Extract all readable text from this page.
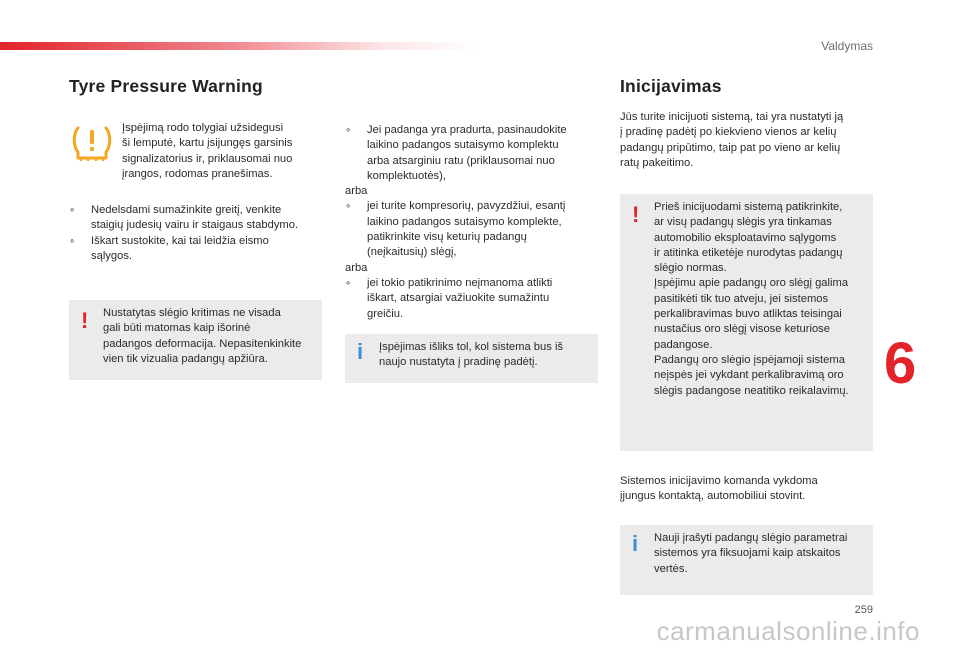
Valdymas
Tyre Pressure Warning
Įspėjimą rodo tolygiai užsidegusi
ši lemputė, kartu įsijungęs garsinis
signalizatorius ir, priklausomai nuo
įrangos, rodomas pranešimas.
∘ Nedelsdami sumažinkite greitį, venkite
staigių judesių vairu ir staigaus stabdymo.
∘ Iškart sustokite, kai tai leidžia eismo
sąlygos.
! Nustatytas slėgio kritimas ne visada
gali būti matomas kaip išorinė
padangos deformacija. Nepasitenkinkite
vien tik vizualia padangų apžiūra.
∘ Jei padanga yra pradurta, pasinaudokite
laikino padangos sutaisymo komplektu
arba atsarginiu ratu (priklausomai nuo
komplektuotės),
arba
∘ jei turite kompresorių, pavyzdžiui, esantį
laikino padangos sutaisymo komplekte,
patikrinkite visų keturių padangų
(neįkaitusių) slėgį,
arba
∘ jei tokio patikrinimo neįmanoma atlikti
iškart, atsargiai važiuokite sumažintu
greičiu.
i Įspėjimas išliks tol, kol sistema bus iš
naujo nustatyta į pradinę padėtį.
Inicijavimas
Jūs turite inicijuoti sistemą, tai yra nustatyti ją
į pradinę padėtį po kiekvieno vienos ar kelių
padangų pripūtimo, taip pat po vieno ar kelių
ratų pakeitimo.
! Prieš inicijuodami sistemą patikrinkite,
ar visų padangų slėgis yra tinkamas
automobilio eksploatavimo sąlygoms
ir atitinka etiketėje nurodytas padangų
slėgio normas.
Įspėjimu apie padangų oro slėgį galima
pasitikėti tik tuo atveju, jei sistemos
perkalibravimas buvo atliktas teisingai
nustačius oro slėgį visose keturiose
padangose.
Padangų oro slėgio įspėjamoji sistema
neįspės jei vykdant perkalibravimą oro
slėgis padangose neatitiko reikalavimų.
Sistemos inicijavimo komanda vykdoma
įjungus kontaktą, automobiliui stovint.
i Nauji įrašyti padangų slėgio parametrai
sistemos yra fiksuojami kaip atskaitos
vertės.
6
259
carmanualsonline.info
